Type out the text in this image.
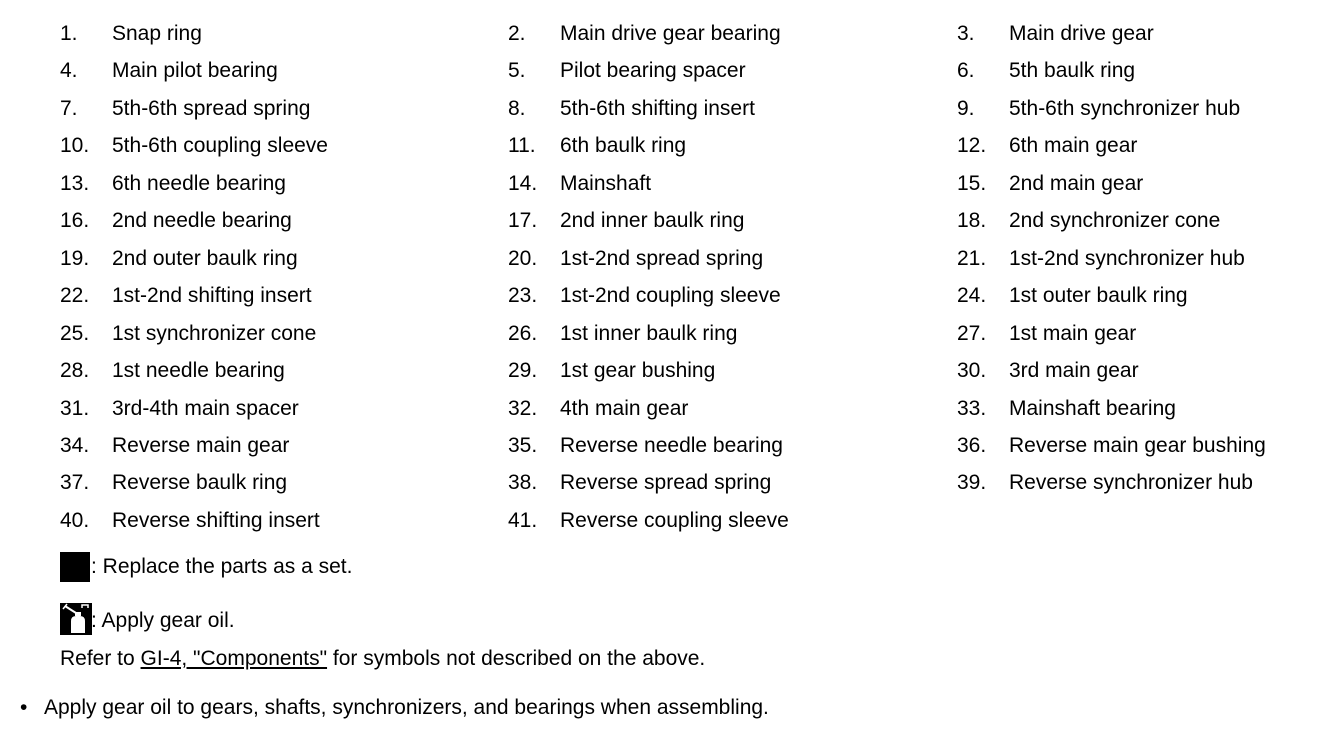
1. Snap ring	2. Main drive gear bearing	3. Main drive gear
4. Main pilot bearing	5. Pilot bearing spacer	6. 5th baulk ring
7. 5th-6th spread spring	8. 5th-6th shifting insert	9. 5th-6th synchronizer hub
10. 5th-6th coupling sleeve	11. 6th baulk ring	12. 6th main gear
13. 6th needle bearing	14. Mainshaft	15. 2nd main gear
16. 2nd needle bearing	17. 2nd inner baulk ring	18. 2nd synchronizer cone
19. 2nd outer baulk ring	20. 1st-2nd spread spring	21. 1st-2nd synchronizer hub
22. 1st-2nd shifting insert	23. 1st-2nd coupling sleeve	24. 1st outer baulk ring
25. 1st synchronizer cone	26. 1st inner baulk ring	27. 1st main gear
28. 1st needle bearing	29. 1st gear bushing	30. 3rd main gear
31. 3rd-4th main spacer	32. 4th main gear	33. Mainshaft bearing
34. Reverse main gear	35. Reverse needle bearing	36. Reverse main gear bushing
37. Reverse baulk ring	38. Reverse spread spring	39. Reverse synchronizer hub
40. Reverse shifting insert	41. Reverse coupling sleeve
: Replace the parts as a set.
: Apply gear oil.
Refer to GI-4, "Components" for symbols not described on the above.
• Apply gear oil to gears, shafts, synchronizers, and bearings when assembling.
